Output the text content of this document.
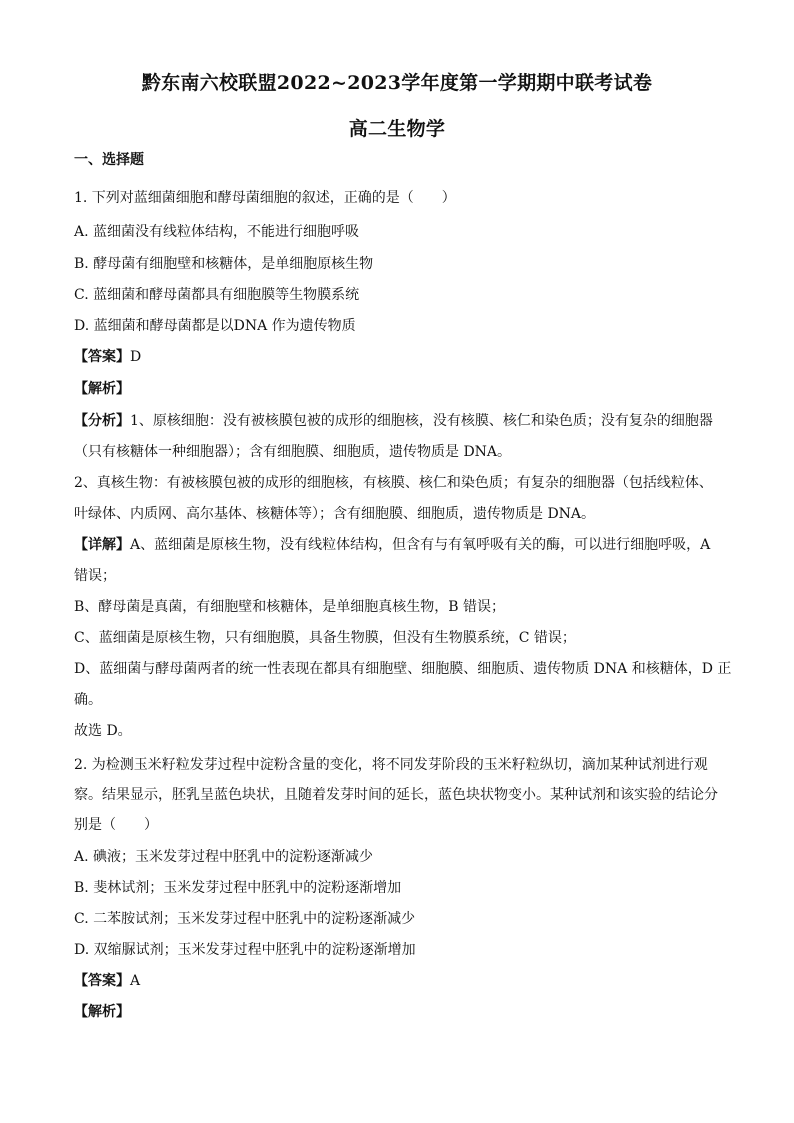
黔东南六校联盟2022~2023学年度第一学期期中联考试卷
高二生物学
一、选择题
1. 下列对蓝细菌细胞和酵母菌细胞的叙述，正确的是（　　）
A. 蓝细菌没有线粒体结构，不能进行细胞呼吸
B. 酵母菌有细胞壁和核糖体，是单细胞原核生物
C. 蓝细菌和酵母菌都具有细胞膜等生物膜系统
D. 蓝细菌和酵母菌都是以DNA 作为遗传物质
【答案】D
【解析】
【分析】1、原核细胞：没有被核膜包被的成形的细胞核，没有核膜、核仁和染色质；没有复杂的细胞器
（只有核糖体一种细胞器）；含有细胞膜、细胞质，遗传物质是 DNA。
2、真核生物：有被核膜包被的成形的细胞核，有核膜、核仁和染色质；有复杂的细胞器（包括线粒体、
叶绿体、内质网、高尔基体、核糖体等）；含有细胞膜、细胞质，遗传物质是 DNA。
【详解】A、蓝细菌是原核生物，没有线粒体结构，但含有与有氧呼吸有关的酶，可以进行细胞呼吸，A
错误；
B、酵母菌是真菌，有细胞壁和核糖体，是单细胞真核生物，B 错误；
C、蓝细菌是原核生物，只有细胞膜，具备生物膜，但没有生物膜系统，C 错误；
D、蓝细菌与酵母菌两者的统一性表现在都具有细胞壁、细胞膜、细胞质、遗传物质 DNA 和核糖体，D 正
确。
故选 D。
2. 为检测玉米籽粒发芽过程中淀粉含量的变化，将不同发芽阶段的玉米籽粒纵切，滴加某种试剂进行观
察。结果显示，胚乳呈蓝色块状，且随着发芽时间的延长，蓝色块状物变小。某种试剂和该实验的结论分
别是（　　）
A. 碘液；玉米发芽过程中胚乳中的淀粉逐渐减少
B. 斐林试剂；玉米发芽过程中胚乳中的淀粉逐渐增加
C. 二苯胺试剂；玉米发芽过程中胚乳中的淀粉逐渐减少
D. 双缩脲试剂；玉米发芽过程中胚乳中的淀粉逐渐增加
【答案】A
【解析】
